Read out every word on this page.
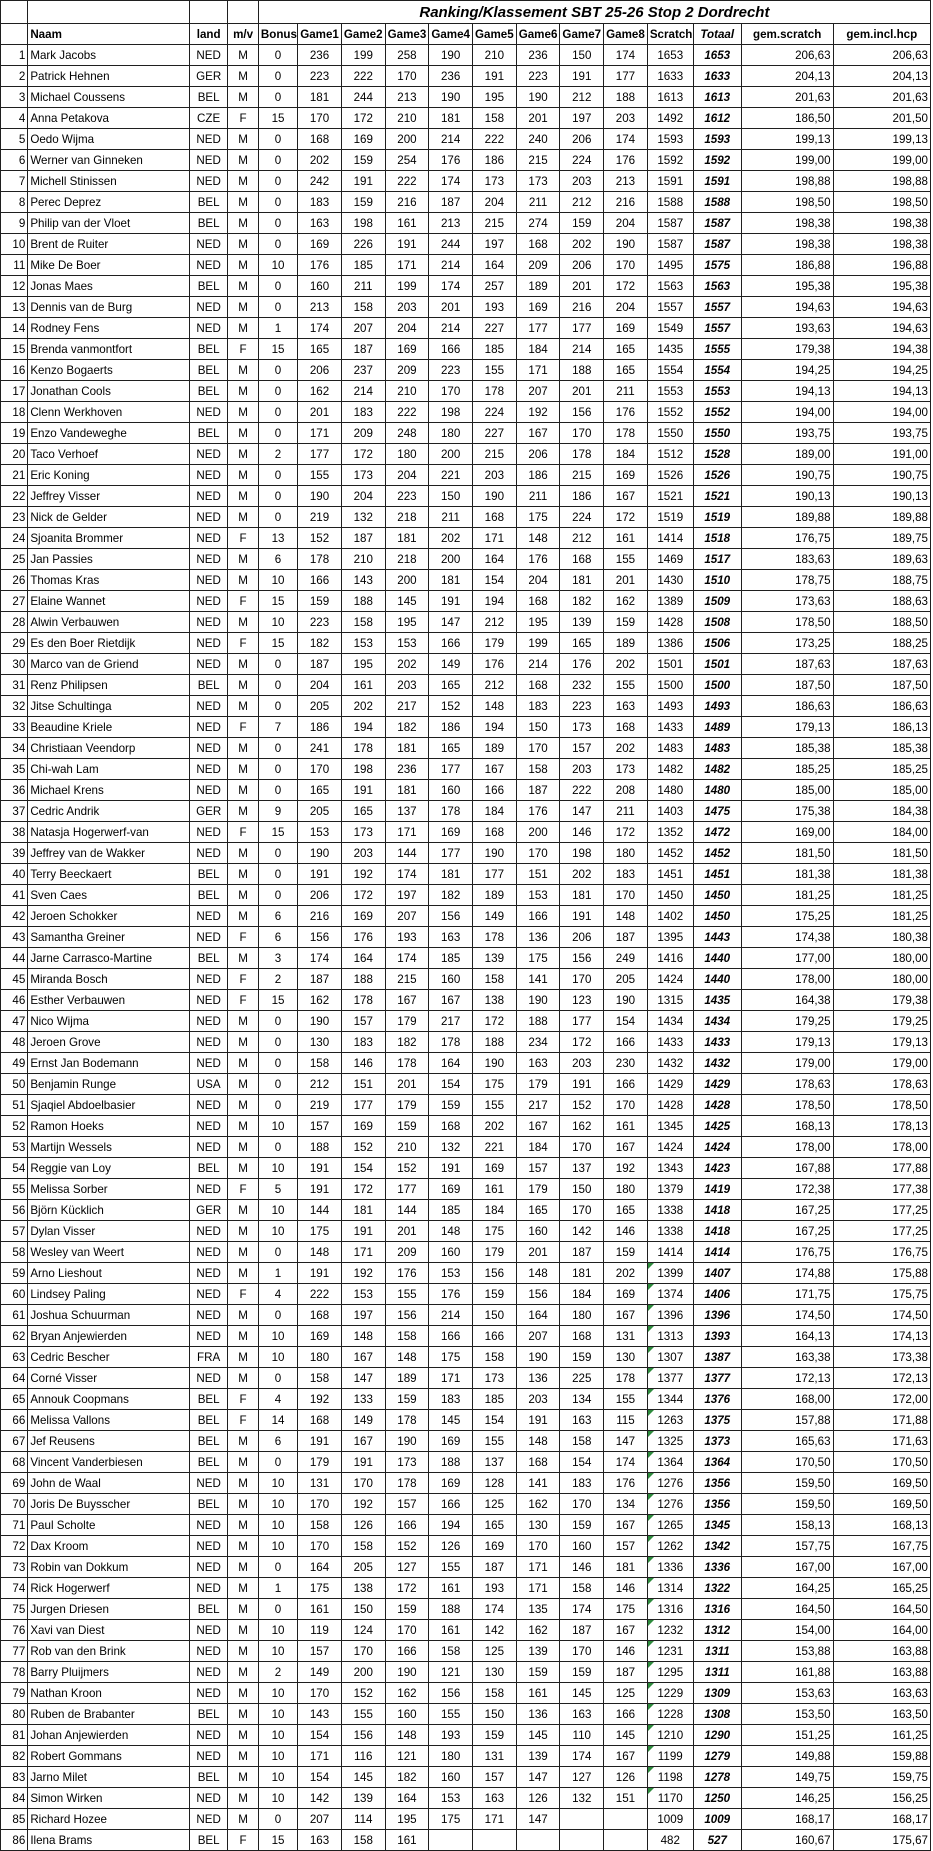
				Ranking/Klassement SBT 25-26 Stop 2 Dordrecht												
	Naam	land	m/v	Bonus	Game1	Game2	Game3	Game4	Game5	Game6	Game7	Game8	Scratch	Totaal	gem.scratch	gem.incl.hcp
1	Mark Jacobs	NED	M	0	236	199	258	190	210	236	150	174	1653	1653	206,63	206,63
2	Patrick Hehnen	GER	M	0	223	222	170	236	191	223	191	177	1633	1633	204,13	204,13
3	Michael Coussens	BEL	M	0	181	244	213	190	195	190	212	188	1613	1613	201,63	201,63
4	Anna Petakova	CZE	F	15	170	172	210	181	158	201	197	203	1492	1612	186,50	201,50
5	Oedo Wijma	NED	M	0	168	169	200	214	222	240	206	174	1593	1593	199,13	199,13
6	Werner van Ginneken	NED	M	0	202	159	254	176	186	215	224	176	1592	1592	199,00	199,00
7	Michell Stinissen	NED	M	0	242	191	222	174	173	173	203	213	1591	1591	198,88	198,88
8	Perec Deprez	BEL	M	0	183	159	216	187	204	211	212	216	1588	1588	198,50	198,50
9	Philip van der Vloet	BEL	M	0	163	198	161	213	215	274	159	204	1587	1587	198,38	198,38
10	Brent de Ruiter	NED	M	0	169	226	191	244	197	168	202	190	1587	1587	198,38	198,38
11	Mike De Boer	NED	M	10	176	185	171	214	164	209	206	170	1495	1575	186,88	196,88
12	Jonas Maes	BEL	M	0	160	211	199	174	257	189	201	172	1563	1563	195,38	195,38
13	Dennis van de Burg	NED	M	0	213	158	203	201	193	169	216	204	1557	1557	194,63	194,63
14	Rodney Fens	NED	M	1	174	207	204	214	227	177	177	169	1549	1557	193,63	194,63
15	Brenda vanmontfort	BEL	F	15	165	187	169	166	185	184	214	165	1435	1555	179,38	194,38
16	Kenzo Bogaerts	BEL	M	0	206	237	209	223	155	171	188	165	1554	1554	194,25	194,25
17	Jonathan Cools	BEL	M	0	162	214	210	170	178	207	201	211	1553	1553	194,13	194,13
18	Clenn Werkhoven	NED	M	0	201	183	222	198	224	192	156	176	1552	1552	194,00	194,00
19	Enzo Vandeweghe	BEL	M	0	171	209	248	180	227	167	170	178	1550	1550	193,75	193,75
20	Taco Verhoef	NED	M	2	177	172	180	200	215	206	178	184	1512	1528	189,00	191,00
21	Eric Koning	NED	M	0	155	173	204	221	203	186	215	169	1526	1526	190,75	190,75
22	Jeffrey Visser	NED	M	0	190	204	223	150	190	211	186	167	1521	1521	190,13	190,13
23	Nick de Gelder	NED	M	0	219	132	218	211	168	175	224	172	1519	1519	189,88	189,88
24	Sjoanita Brommer	NED	F	13	152	187	181	202	171	148	212	161	1414	1518	176,75	189,75
25	Jan Passies	NED	M	6	178	210	218	200	164	176	168	155	1469	1517	183,63	189,63
26	Thomas Kras	NED	M	10	166	143	200	181	154	204	181	201	1430	1510	178,75	188,75
27	Elaine Wannet	NED	F	15	159	188	145	191	194	168	182	162	1389	1509	173,63	188,63
28	Alwin Verbauwen	NED	M	10	223	158	195	147	212	195	139	159	1428	1508	178,50	188,50
29	Es den Boer Rietdijk	NED	F	15	182	153	153	166	179	199	165	189	1386	1506	173,25	188,25
30	Marco van de Griend	NED	M	0	187	195	202	149	176	214	176	202	1501	1501	187,63	187,63
31	Renz Philipsen	BEL	M	0	204	161	203	165	212	168	232	155	1500	1500	187,50	187,50
32	Jitse Schultinga	NED	M	0	205	202	217	152	148	183	223	163	1493	1493	186,63	186,63
33	Beaudine Kriele	NED	F	7	186	194	182	186	194	150	173	168	1433	1489	179,13	186,13
34	Christiaan Veendorp	NED	M	0	241	178	181	165	189	170	157	202	1483	1483	185,38	185,38
35	Chi-wah Lam	NED	M	0	170	198	236	177	167	158	203	173	1482	1482	185,25	185,25
36	Michael Krens	NED	M	0	165	191	181	160	166	187	222	208	1480	1480	185,00	185,00
37	Cedric Andrik	GER	M	9	205	165	137	178	184	176	147	211	1403	1475	175,38	184,38
38	Natasja Hogerwerf-van	NED	F	15	153	173	171	169	168	200	146	172	1352	1472	169,00	184,00
39	Jeffrey van de Wakker	NED	M	0	190	203	144	177	190	170	198	180	1452	1452	181,50	181,50
40	Terry Beeckaert	BEL	M	0	191	192	174	181	177	151	202	183	1451	1451	181,38	181,38
41	Sven Caes	BEL	M	0	206	172	197	182	189	153	181	170	1450	1450	181,25	181,25
42	Jeroen Schokker	NED	M	6	216	169	207	156	149	166	191	148	1402	1450	175,25	181,25
43	Samantha Greiner	NED	F	6	156	176	193	163	178	136	206	187	1395	1443	174,38	180,38
44	Jarne Carrasco-Martine	BEL	M	3	174	164	174	185	139	175	156	249	1416	1440	177,00	180,00
45	Miranda Bosch	NED	F	2	187	188	215	160	158	141	170	205	1424	1440	178,00	180,00
46	Esther Verbauwen	NED	F	15	162	178	167	167	138	190	123	190	1315	1435	164,38	179,38
47	Nico Wijma	NED	M	0	190	157	179	217	172	188	177	154	1434	1434	179,25	179,25
48	Jeroen Grove	NED	M	0	130	183	182	178	188	234	172	166	1433	1433	179,13	179,13
49	Ernst Jan Bodemann	NED	M	0	158	146	178	164	190	163	203	230	1432	1432	179,00	179,00
50	Benjamin Runge	USA	M	0	212	151	201	154	175	179	191	166	1429	1429	178,63	178,63
51	Sjaqiel Abdoelbasier	NED	M	0	219	177	179	159	155	217	152	170	1428	1428	178,50	178,50
52	Ramon Hoeks	NED	M	10	157	169	159	168	202	167	162	161	1345	1425	168,13	178,13
53	Martijn Wessels	NED	M	0	188	152	210	132	221	184	170	167	1424	1424	178,00	178,00
54	Reggie van Loy	BEL	M	10	191	154	152	191	169	157	137	192	1343	1423	167,88	177,88
55	Melissa Sorber	NED	F	5	191	172	177	169	161	179	150	180	1379	1419	172,38	177,38
56	Björn Kücklich	GER	M	10	144	181	144	185	184	165	170	165	1338	1418	167,25	177,25
57	Dylan Visser	NED	M	10	175	191	201	148	175	160	142	146	1338	1418	167,25	177,25
58	Wesley van Weert	NED	M	0	148	171	209	160	179	201	187	159	1414	1414	176,75	176,75
59	Arno Lieshout	NED	M	1	191	192	176	153	156	148	181	202	1399	1407	174,88	175,88
60	Lindsey Paling	NED	F	4	222	153	155	176	159	156	184	169	1374	1406	171,75	175,75
61	Joshua Schuurman	NED	M	0	168	197	156	214	150	164	180	167	1396	1396	174,50	174,50
62	Bryan Anjewierden	NED	M	10	169	148	158	166	166	207	168	131	1313	1393	164,13	174,13
63	Cedric Bescher	FRA	M	10	180	167	148	175	158	190	159	130	1307	1387	163,38	173,38
64	Corné Visser	NED	M	0	158	147	189	171	173	136	225	178	1377	1377	172,13	172,13
65	Annouk Coopmans	BEL	F	4	192	133	159	183	185	203	134	155	1344	1376	168,00	172,00
66	Melissa Vallons	BEL	F	14	168	149	178	145	154	191	163	115	1263	1375	157,88	171,88
67	Jef Reusens	BEL	M	6	191	167	190	169	155	148	158	147	1325	1373	165,63	171,63
68	Vincent Vanderbiesen	BEL	M	0	179	191	173	188	137	168	154	174	1364	1364	170,50	170,50
69	John de Waal	NED	M	10	131	170	178	169	128	141	183	176	1276	1356	159,50	169,50
70	Joris De Buysscher	BEL	M	10	170	192	157	166	125	162	170	134	1276	1356	159,50	169,50
71	Paul Scholte	NED	M	10	158	126	166	194	165	130	159	167	1265	1345	158,13	168,13
72	Dax Kroom	NED	M	10	170	158	152	126	169	170	160	157	1262	1342	157,75	167,75
73	Robin van Dokkum	NED	M	0	164	205	127	155	187	171	146	181	1336	1336	167,00	167,00
74	Rick Hogerwerf	NED	M	1	175	138	172	161	193	171	158	146	1314	1322	164,25	165,25
75	Jurgen Driesen	BEL	M	0	161	150	159	188	174	135	174	175	1316	1316	164,50	164,50
76	Xavi van Diest	NED	M	10	119	124	170	161	142	162	187	167	1232	1312	154,00	164,00
77	Rob van den Brink	NED	M	10	157	170	166	158	125	139	170	146	1231	1311	153,88	163,88
78	Barry Pluijmers	NED	M	2	149	200	190	121	130	159	159	187	1295	1311	161,88	163,88
79	Nathan Kroon	NED	M	10	170	152	162	156	158	161	145	125	1229	1309	153,63	163,63
80	Ruben de Brabanter	BEL	M	10	143	155	160	155	150	136	163	166	1228	1308	153,50	163,50
81	Johan Anjewierden	NED	M	10	154	156	148	193	159	145	110	145	1210	1290	151,25	161,25
82	Robert Gommans	NED	M	10	171	116	121	180	131	139	174	167	1199	1279	149,88	159,88
83	Jarno Milet	BEL	M	10	154	145	182	160	157	147	127	126	1198	1278	149,75	159,75
84	Simon Wirken	NED	M	10	142	139	164	153	163	126	132	151	1170	1250	146,25	156,25
85	Richard Hozee	NED	M	0	207	114	195	175	171	147			1009	1009	168,17	168,17
86	Ilena Brams	BEL	F	15	163	158	161						482	527	160,67	175,67
